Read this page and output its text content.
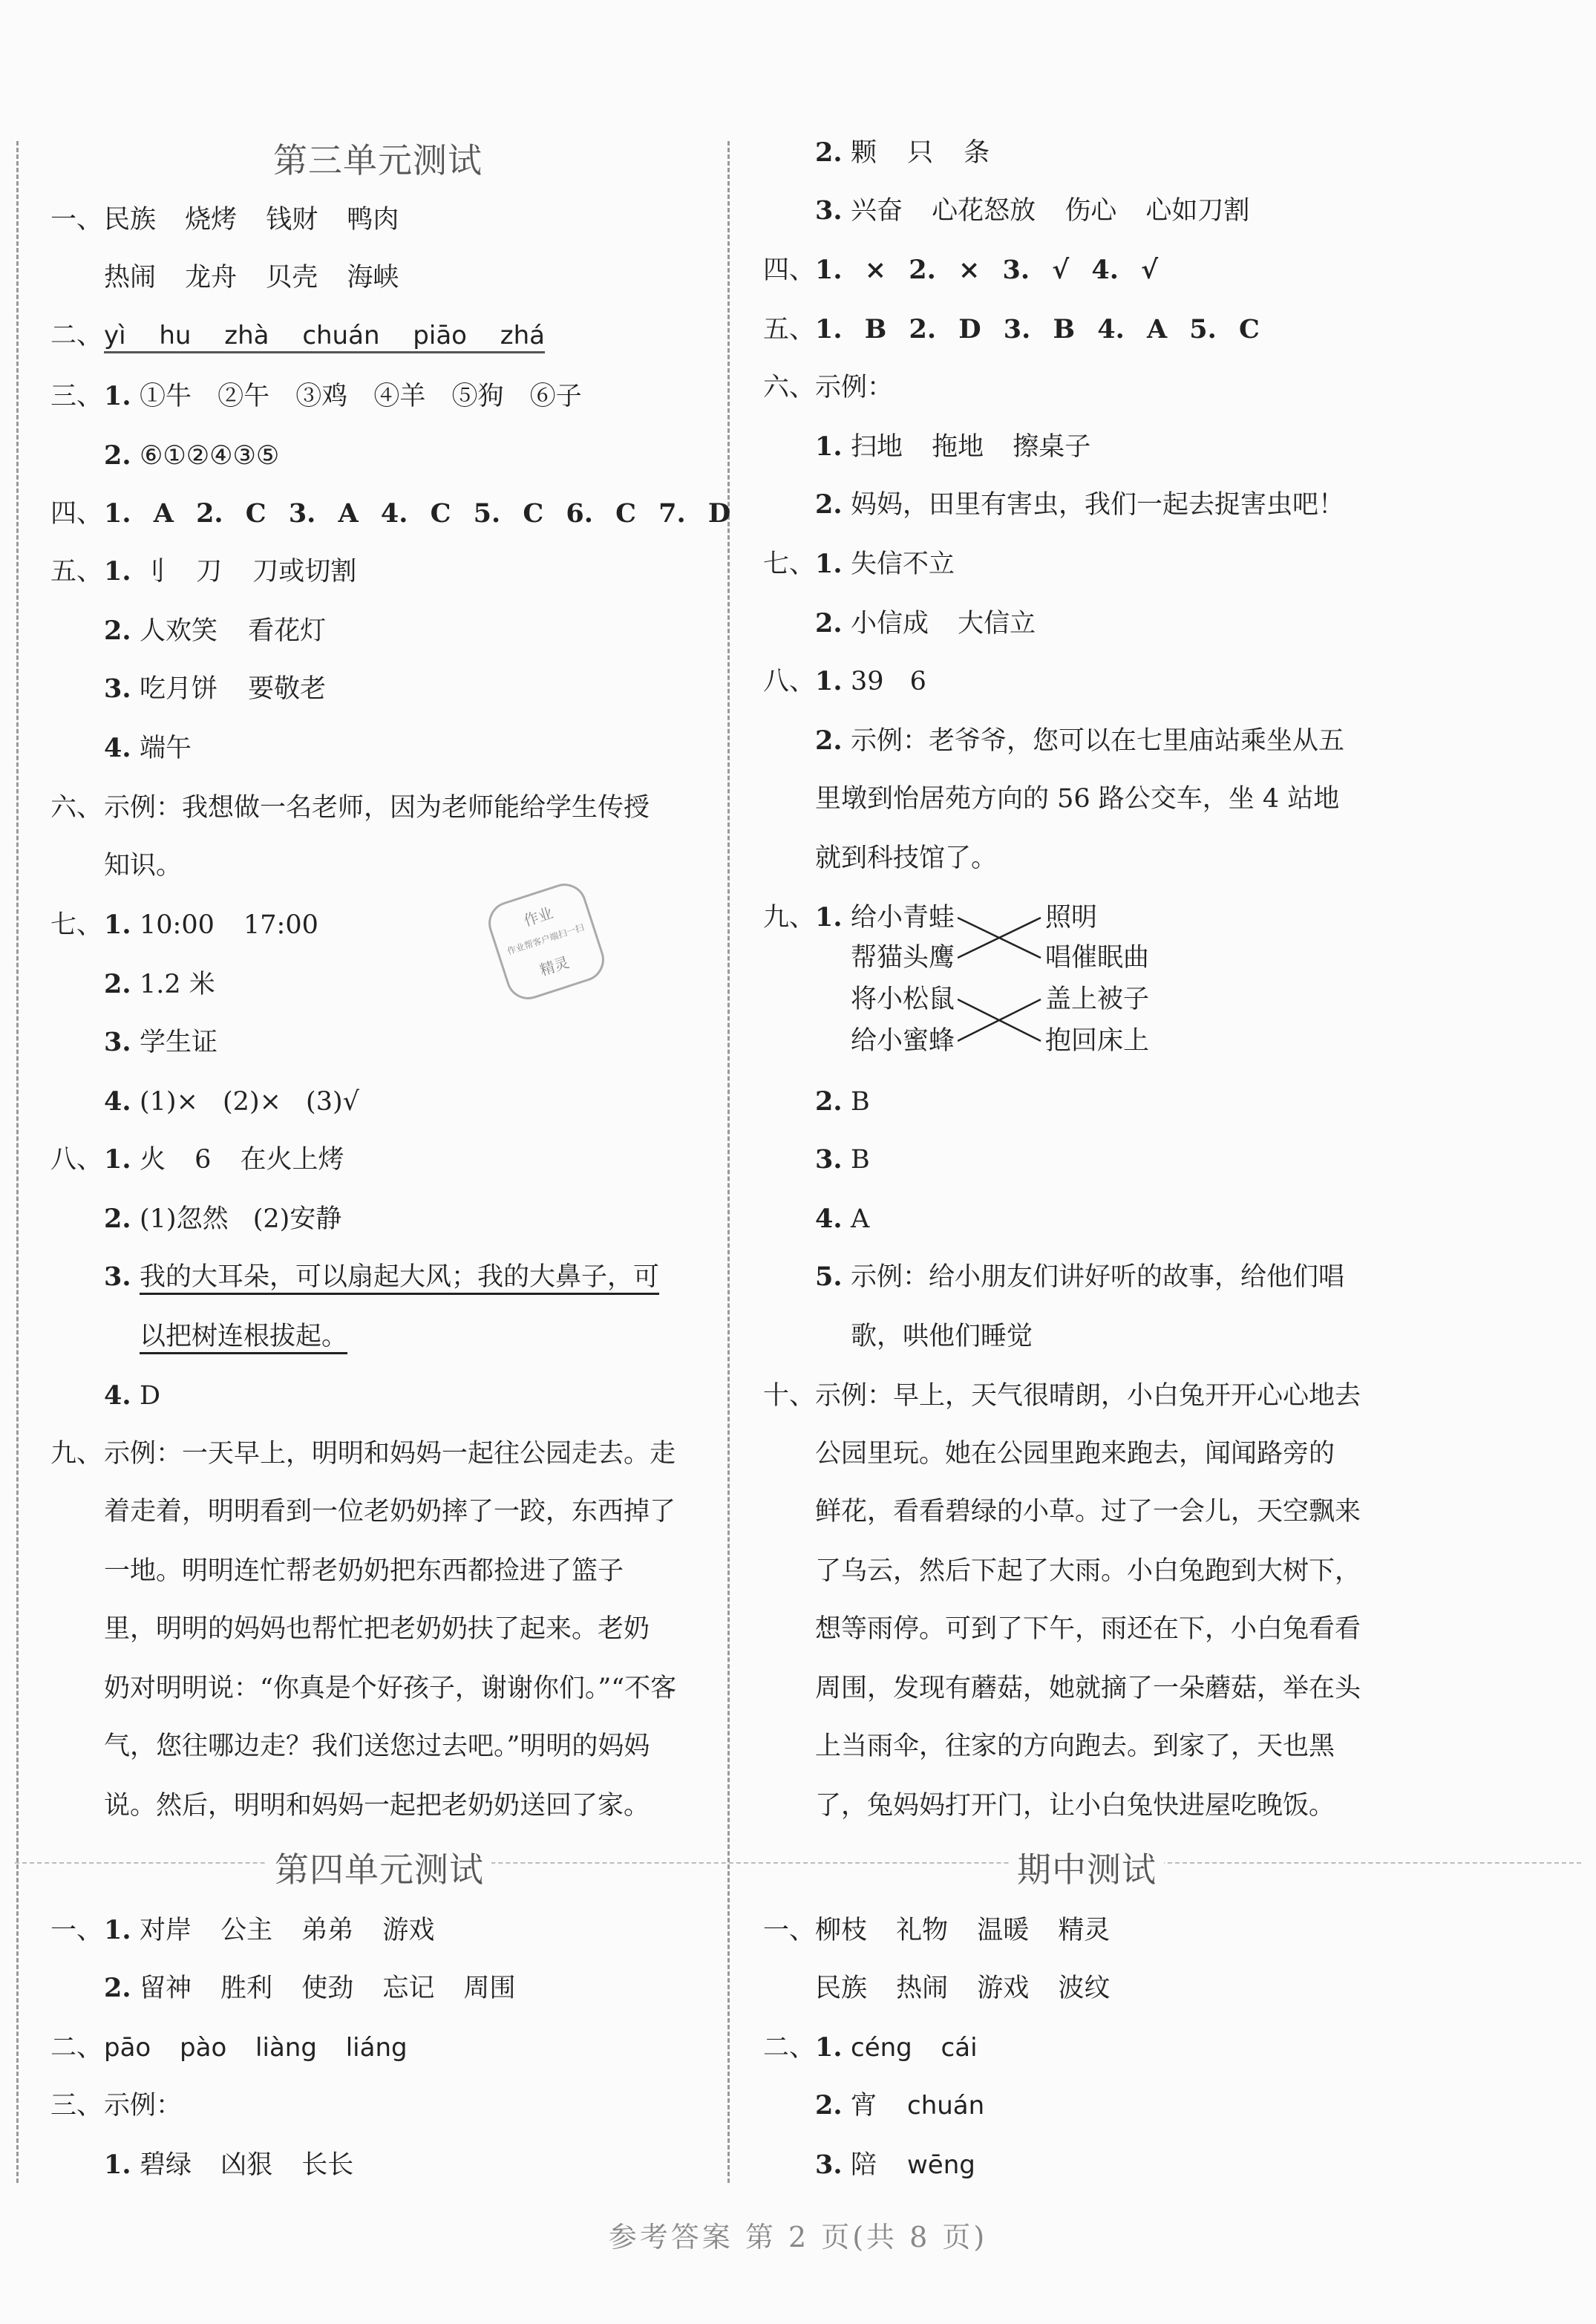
第三单元测试
一、 民族 烧烤 钱财 鸭肉
热闹 龙舟 贝壳 海峡
二、 yì hu zhà chuán piāo zhá
三、 1. ①牛 ②午 ③鸡 ④羊 ⑤狗 ⑥子
2. ⑥①②④③⑤
四、 1. A 2. C 3. A 4. C 5. C 6. C 7. D
五、 1. 刂 刀 刀或切割
2. 人欢笑 看花灯
3. 吃月饼 要敬老
4. 端午
六、 示例：我想做一名老师，因为老师能给学生传授
知识。
七、 1. 10:00 17:00
2. 1.2 米
3. 学生证
4. (1)× (2)× (3)√
八、 1. 火 6 在火上烤
2. (1)忽然 (2)安静
3. 我的大耳朵，可以扇起大风；我的大鼻子，可
以把树连根拔起。
4. D
九、 示例：一天早上，明明和妈妈一起往公园走去。走
着走着，明明看到一位老奶奶摔了一跤，东西掉了
一地。明明连忙帮老奶奶把东西都捡进了篮子
里，明明的妈妈也帮忙把老奶奶扶了起来。老奶
奶对明明说：“你真是个好孩子，谢谢你们。”“不客
气，您往哪边走？我们送您过去吧。”明明的妈妈
说。然后，明明和妈妈一起把老奶奶送回了家。
第四单元测试
一、 1. 对岸 公主 弟弟 游戏
2. 留神 胜利 使劲 忘记 周围
二、 pāo pào liàng liáng
三、 示例：
1. 碧绿 凶狠 长长
作业
作业帮客户端扫一扫
精灵
2. 颗 只 条
3. 兴奋 心花怒放 伤心 心如刀割
四、 1. × 2. × 3. √ 4. √
五、 1. B 2. D 3. B 4. A 5. C
六、 示例：
1. 扫地 拖地 擦桌子
2. 妈妈，田里有害虫，我们一起去捉害虫吧！
七、 1. 失信不立
2. 小信成 大信立
八、 1. 39 6
2. 示例：老爷爷，您可以在七里庙站乘坐从五
里墩到怡居苑方向的 56 路公交车，坐 4 站地
就到科技馆了。
九、 1. 给小青蛙
帮猫头鹰
将小松鼠
给小蜜蜂
照明
唱催眠曲
盖上被子
抱回床上
2. B
3. B
4. A
5. 示例：给小朋友们讲好听的故事，给他们唱
歌，哄他们睡觉
十、 示例：早上，天气很晴朗，小白兔开开心心地去
公园里玩。她在公园里跑来跑去，闻闻路旁的
鲜花，看看碧绿的小草。过了一会儿，天空飘来
了乌云，然后下起了大雨。小白兔跑到大树下，
想等雨停。可到了下午，雨还在下，小白兔看看
周围，发现有蘑菇，她就摘了一朵蘑菇，举在头
上当雨伞，往家的方向跑去。到家了，天也黑
了，兔妈妈打开门，让小白兔快进屋吃晚饭。
期中测试
一、 柳枝 礼物 温暖 精灵
民族 热闹 游戏 波纹
二、 1. céng cái
2. 宵 chuán
3. 陪 wēng
参考答案 第 2 页(共 8 页)
